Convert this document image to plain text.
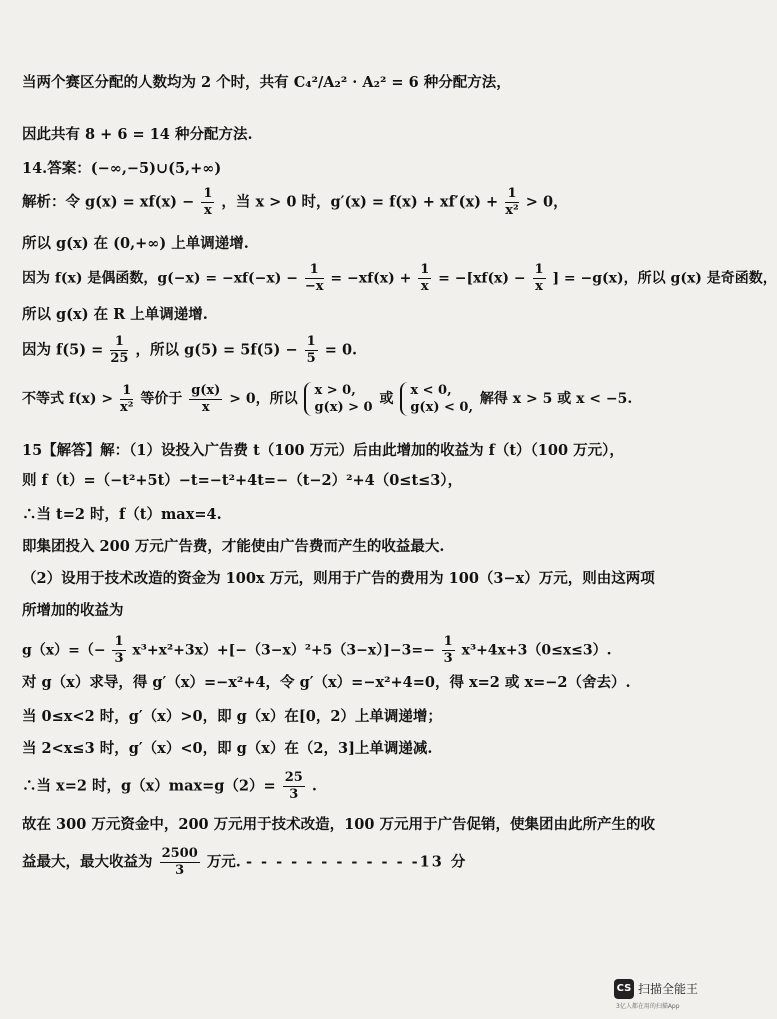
当两个赛区分配的人数均为 2 个时，共有 C₄²/A₂² · A₂² = 6 种分配方法，
因此共有 8 + 6 = 14 种分配方法.
14.答案：(−∞,−5)∪(5,+∞)
解析：令 $g(x) = xf(x) - \frac{1}{x}$ ，当 x > 0 时，$g'(x) = f(x) + xf'(x) + \frac{1}{\text{x²}} > 0$，
所以 g(x) 在 (0,+∞) 上单调递增.
因为 f(x) 是偶函数，$g(-x) = -xf(-x) - \frac{1}{-x} = -xf(x) + \frac{1}{x} = -[xf(x) - \frac{1}{x}$ ] = −g(x)，所以 g(x) 是奇函数，
所以 g(x) 在 R 上单调递增.
因为 $f(5) = \frac{1}{25}$ ，所以 $g(5) = 5f(5) - \frac{1}{5} = 0$.
不等式 $f(x) > \frac{1}{\text{x²}}$ 等价于 $\frac{g(x)}{x} > 0$，所以
x > 0,
g(x) > 0
或
x < 0,
g(x) < 0,
解得 x > 5 或 x < −5.
15【解答】解：（1）设投入广告费 t（100 万元）后由此增加的收益为 f（t）（100 万元），
则 f（t）=（−t²+5t）−t=−t²+4t=−（t−2）²+4（0≤t≤3），
∴当 t=2 时，f（t）max=4.
即集团投入 200 万元广告费，才能使由广告费而产生的收益最大.
（2）设用于技术改造的资金为 100x 万元，则用于广告的费用为 100（3−x）万元，则由这两项
所增加的收益为
$g(x)=(- \frac{1}{3} x^3+x^2+3x)+[-(3-x)^2+5(3-x)]-3=- \frac{1}{3} x^3+4x+3(0\le x\le 3)$.
对 g（x）求导，得 g′（x）=−x²+4，令 g′（x）=−x²+4=0，得 x=2 或 x=−2（舍去）.
当 0≤x<2 时，g′（x）>0，即 g（x）在[0，2）上单调递增；
当 2<x≤3 时，g′（x）<0，即 g（x）在（2，3]上单调递减.
∴当 x=2 时，$g(x)\max=g(2)= \frac{25}{3}$ .
故在 300 万元资金中，200 万元用于技术改造，100 万元用于广告促销，使集团由此所产生的收
益最大，最大收益为 $\frac{2500}{3}$ 万元. - - - - - - - - - - - -13 分
CS 扫描全能王
3亿人都在用的扫描App
